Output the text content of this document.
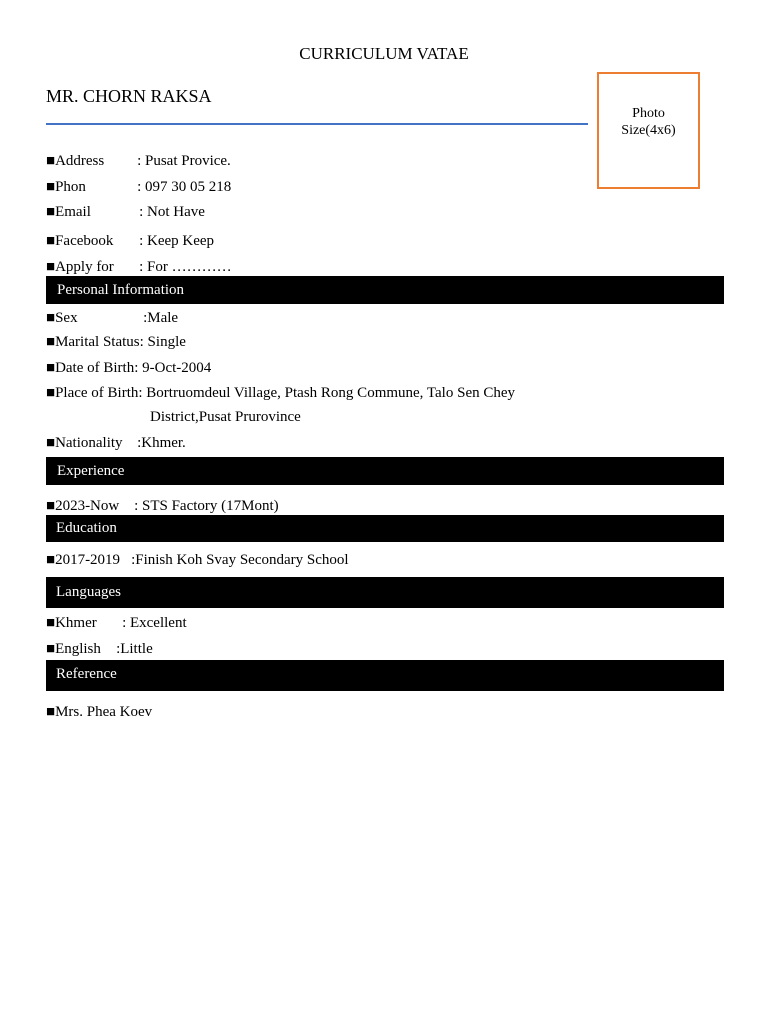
CURRICULUM VATAE
MR. CHORN RAKSA
Photo
Size(4x6)
■Address : Pusat Provice.
■Phon	: 097 30 05 218
■Email	: Not Have
■Facebook : Keep Keep
■Apply for : For …………
Personal Information
■Sex	:Male
■Marital Status: Single
■Date of Birth: 9-Oct-2004
■Place of Birth: Bortruomdeul Village, Ptash Rong Commune, Talo Sen Chey
District,Pusat Prurovince
■Nationality :Khmer.
Experience
■2023-Now : STS Factory (17Mont)
Education
■2017-2019 :Finish Koh Svay Secondary School
Languages
■Khmer : Excellent
■English :Little
Reference
■Mrs. Phea Koev
